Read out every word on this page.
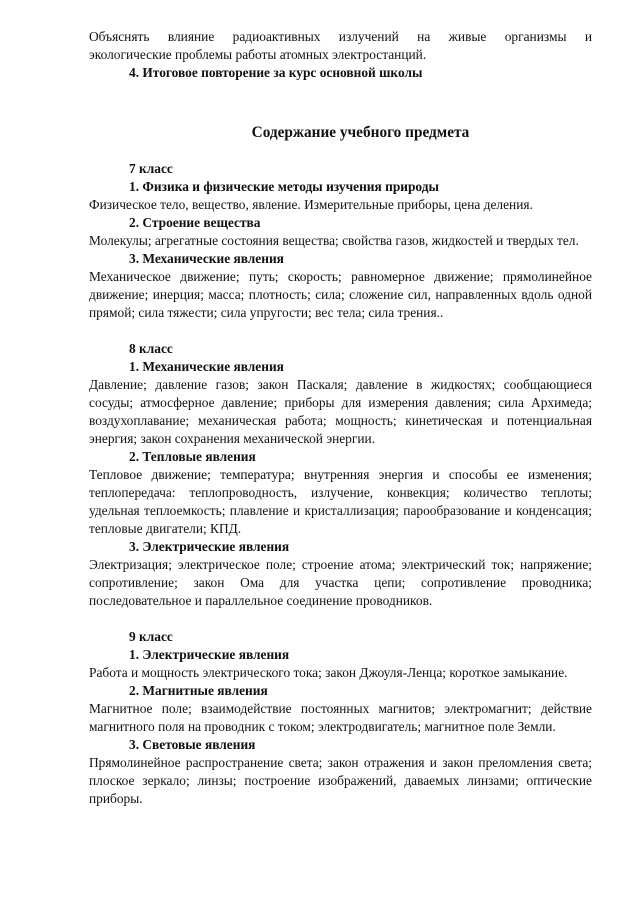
Объяснять влияние радиоактивных излучений на живые организмы и

экологические проблемы работы атомных электростанций.

4. Итоговое повторение за курс основной школы

Содержание учебного предмета

7 класс

1. Физика и физические методы изучения природы

Физическое тело, вещество, явление. Измерительные приборы, цена деления.

2. Строение вещества

Молекулы; агрегатные состояния вещества; свойства газов, жидкостей и твердых тел.

3. Механические явления

Механическое движение; путь; скорость; равномерное движение; прямолинейное движение; инерция; масса; плотность; сила; сложение сил, направленных вдоль одной прямой; сила тяжести; сила упругости; вес тела; сила трения..

8 класс

1. Механические явления

Давление; давление газов; закон Паскаля; давление в жидкостях; сообщающиеся сосуды; атмосферное давление; приборы для измерения давления; сила Архимеда; воздухоплавание; механическая работа; мощность; кинетическая и потенциальная энергия; закон сохранения механической энергии.

2. Тепловые явления

Тепловое движение; температура; внутренняя энергия и способы ее изменения; теплопередача: теплопроводность, излучение, конвекция; количество теплоты; удельная теплоемкость; плавление и кристаллизация; парообразование и конденсация; тепловые двигатели; КПД.

3. Электрические явления

Электризация; электрическое поле; строение атома; электрический ток; напряжение; сопротивление; закон Ома для участка цепи; сопротивление проводника; последовательное и параллельное соединение проводников.

9 класс

1. Электрические явления

Работа и мощность электрического тока; закон Джоуля-Ленца; короткое замыкание.

2. Магнитные явления

Магнитное поле; взаимодействие постоянных магнитов; электромагнит; действие магнитного поля на проводник с током; электродвигатель; магнитное поле Земли.

3. Световые явления

Прямолинейное распространение света; закон отражения и закон преломления света; плоское зеркало; линзы; построение изображений, даваемых линзами; оптические приборы.
